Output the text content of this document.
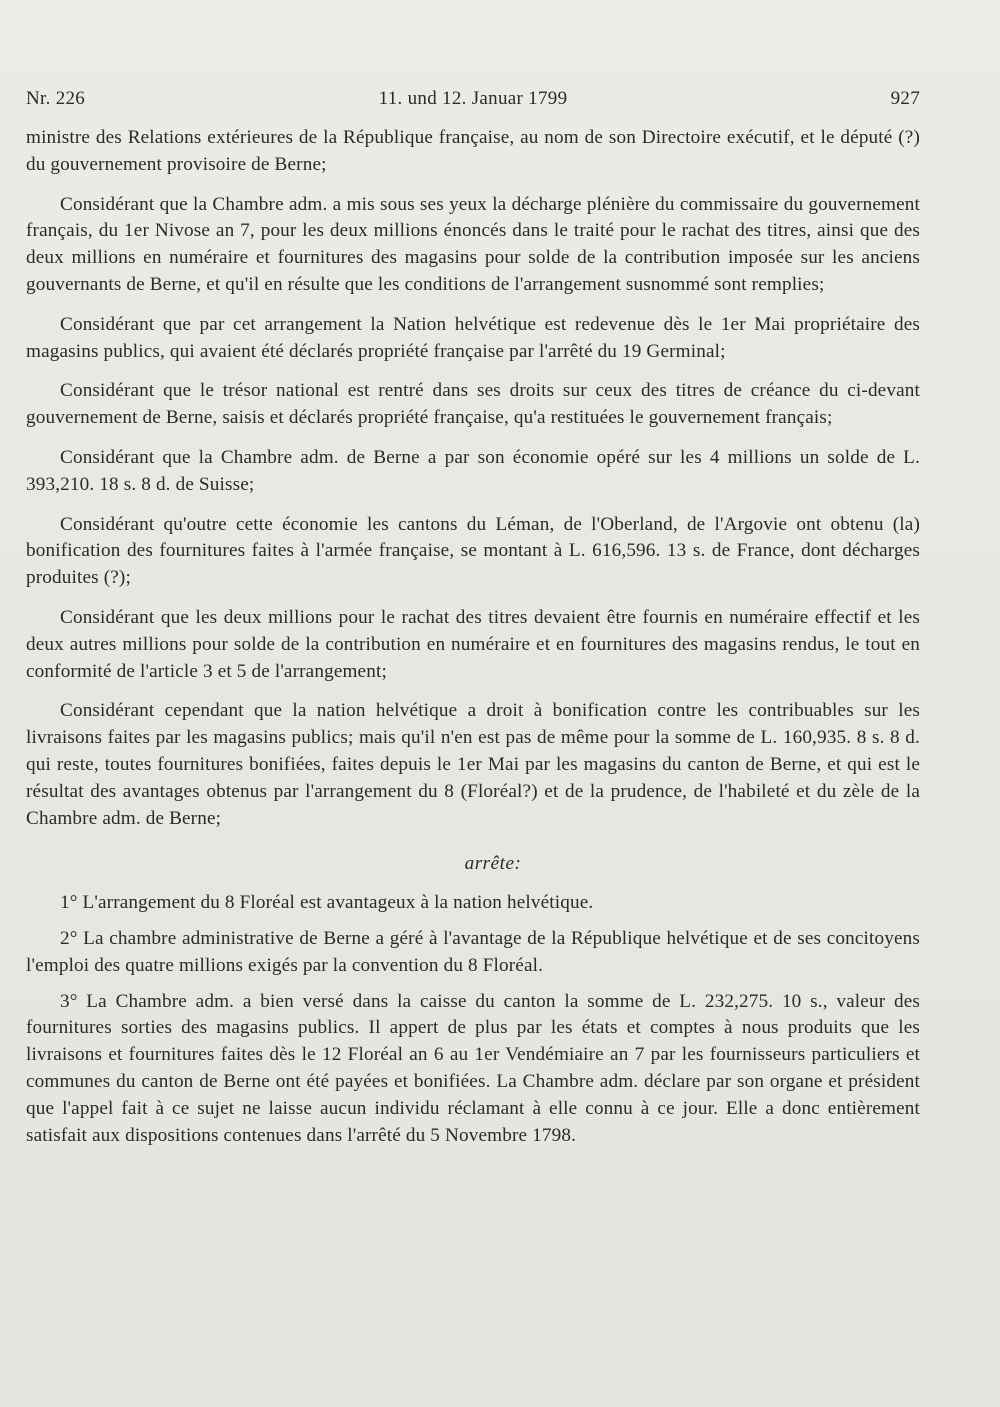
Nr. 226	11. und 12. Januar 1799	927

ministre des Relations extérieures de la République française, au nom de son Directoire exécutif, et le député (?) du gouvernement provisoire de Berne;

Considérant que la Chambre adm. a mis sous ses yeux la décharge plénière du commissaire du gouvernement français, du 1er Nivose an 7, pour les deux millions énoncés dans le traité pour le rachat des titres, ainsi que des deux millions en numéraire et fournitures des magasins pour solde de la contribution imposée sur les anciens gouvernants de Berne, et qu'il en résulte que les conditions de l'arrangement susnommé sont remplies;

Considérant que par cet arrangement la Nation helvétique est redevenue dès le 1er Mai propriétaire des magasins publics, qui avaient été déclarés propriété française par l'arrêté du 19 Germinal;

Considérant que le trésor national est rentré dans ses droits sur ceux des titres de créance du ci-devant gouvernement de Berne, saisis et déclarés propriété française, qu'a restituées le gouvernement français;

Considérant que la Chambre adm. de Berne a par son économie opéré sur les 4 millions un solde de L. 393,210. 18 s. 8 d. de Suisse;

Considérant qu'outre cette économie les cantons du Léman, de l'Oberland, de l'Argovie ont obtenu (la) bonification des fournitures faites à l'armée française, se montant à L. 616,596. 13 s. de France, dont décharges produites (?);

Considérant que les deux millions pour le rachat des titres devaient être fournis en numéraire effectif et les deux autres millions pour solde de la contribution en numéraire et en fournitures des magasins rendus, le tout en conformité de l'article 3 et 5 de l'arrangement;

Considérant cependant que la nation helvétique a droit à bonification contre les contribuables sur les livraisons faites par les magasins publics; mais qu'il n'en est pas de même pour la somme de L. 160,935. 8 s. 8 d. qui reste, toutes fournitures bonifiées, faites depuis le 1er Mai par les magasins du canton de Berne, et qui est le résultat des avantages obtenus par l'arrangement du 8 (Floréal?) et de la prudence, de l'habileté et du zèle de la Chambre adm. de Berne;

arrête:

1° L'arrangement du 8 Floréal est avantageux à la nation helvétique.

2° La chambre administrative de Berne a géré à l'avantage de la République helvétique et de ses concitoyens l'emploi des quatre millions exigés par la convention du 8 Floréal.

3° La Chambre adm. a bien versé dans la caisse du canton la somme de L. 232,275. 10 s., valeur des fournitures sorties des magasins publics. Il appert de plus par les états et comptes à nous produits que les livraisons et fournitures faites dès le 12 Floréal an 6 au 1er Vendémiaire an 7 par les fournisseurs particuliers et communes du canton de Berne ont été payées et bonifiées. La Chambre adm. déclare par son organe et président que l'appel fait à ce sujet ne laisse aucun individu réclamant à elle connu à ce jour. Elle a donc entièrement satisfait aux dispositions contenues dans l'arrêté du 5 Novembre 1798.
